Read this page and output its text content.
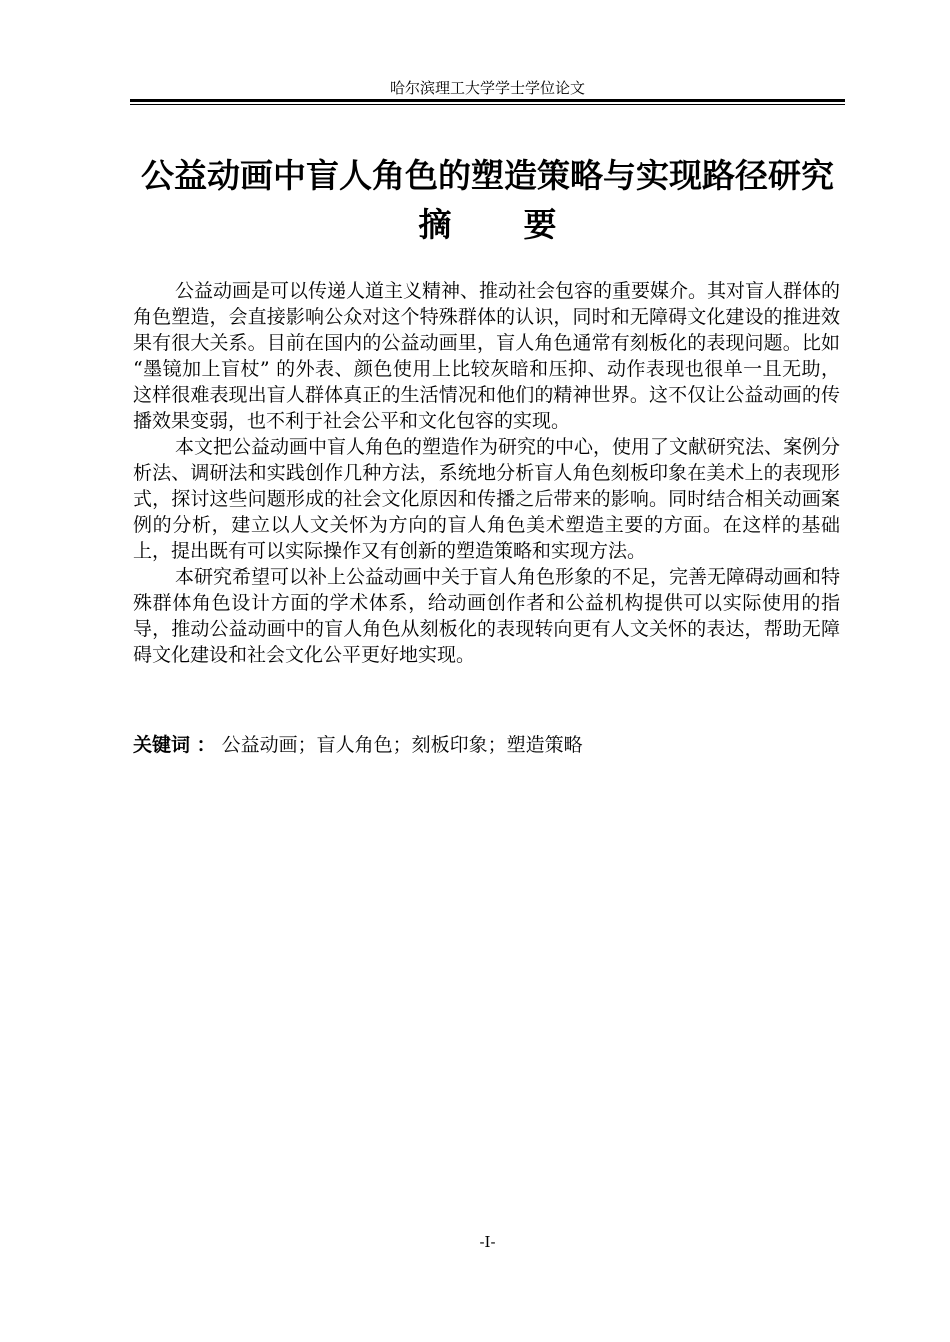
哈尔滨理工大学学士学位论文
公益动画中盲人角色的塑造策略与实现路径研究
摘要

公益动画是可以传递人道主义精神、推动社会包容的重要媒介。其对盲人群体的角色塑造，会直接影响公众对这个特殊群体的认识，同时和无障碍文化建设的推进效果有很大关系。目前在国内的公益动画里，盲人角色通常有刻板化的表现问题。比如 “墨镜加上盲杖” 的外表、颜色使用上比较灰暗和压抑、动作表现也很单一且无助，这样很难表现出盲人群体真正的生活情况和他们的精神世界。这不仅让公益动画的传播效果变弱，也不利于社会公平和文化包容的实现。

本文把公益动画中盲人角色的塑造作为研究的中心，使用了文献研究法、案例分析法、调研法和实践创作几种方法，系统地分析盲人角色刻板印象在美术上的表现形式，探讨这些问题形成的社会文化原因和传播之后带来的影响。同时结合相关动画案例的分析，建立以人文关怀为方向的盲人角色美术塑造主要的方面。在这样的基础上，提出既有可以实际操作又有创新的塑造策略和实现方法。

本研究希望可以补上公益动画中关于盲人角色形象的不足，完善无障碍动画和特殊群体角色设计方面的学术体系，给动画创作者和公益机构提供可以实际使用的指导，推动公益动画中的盲人角色从刻板化的表现转向更有人文关怀的表达，帮助无障碍文化建设和社会文化公平更好地实现。

关键词 ： 公益动画；盲人角色；刻板印象；塑造策略
-I-
